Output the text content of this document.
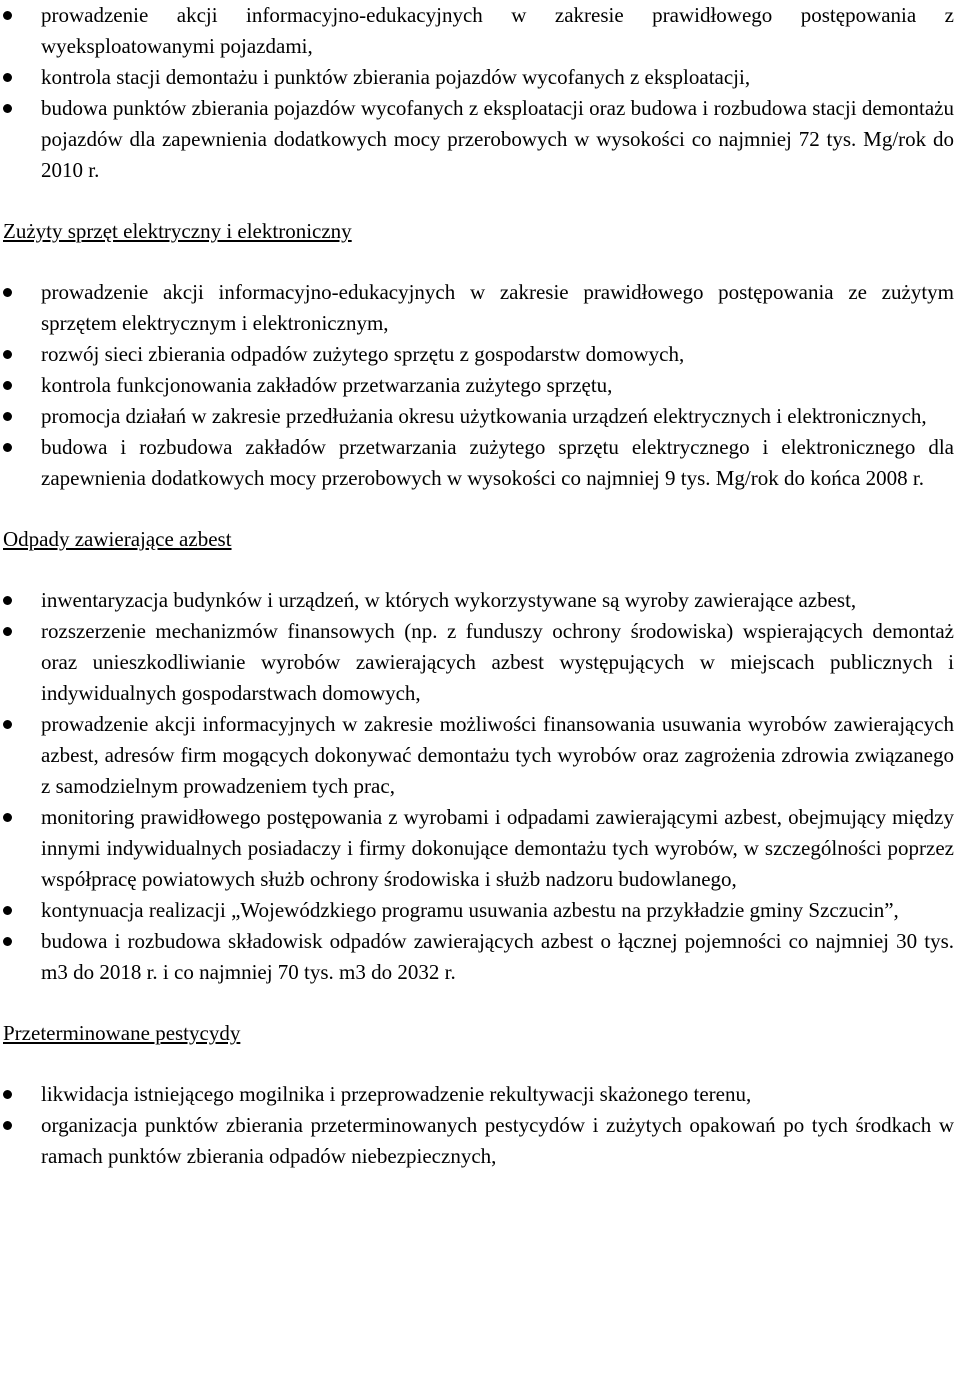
prowadzenie akcji informacyjno-edukacyjnych w zakresie prawidłowego postępowania z wyeksploatowanymi pojazdami,
kontrola stacji demontażu i punktów zbierania pojazdów wycofanych z eksploatacji,
budowa punktów zbierania pojazdów wycofanych z eksploatacji oraz budowa i rozbudowa stacji demontażu pojazdów dla zapewnienia dodatkowych mocy przerobowych w wysokości co najmniej 72 tys. Mg/rok do 2010 r.
Zużyty sprzęt elektryczny i elektroniczny
prowadzenie akcji informacyjno-edukacyjnych w zakresie prawidłowego postępowania ze zużytym sprzętem elektrycznym i elektronicznym,
rozwój sieci zbierania odpadów zużytego sprzętu z gospodarstw domowych,
kontrola funkcjonowania zakładów przetwarzania zużytego sprzętu,
promocja działań w zakresie przedłużania okresu użytkowania urządzeń elektrycznych i elektronicznych,
budowa i rozbudowa zakładów przetwarzania zużytego sprzętu elektrycznego i elektronicznego dla zapewnienia dodatkowych mocy przerobowych w wysokości co najmniej 9 tys. Mg/rok do końca 2008 r.
Odpady zawierające azbest
inwentaryzacja budynków i urządzeń, w których wykorzystywane są wyroby zawierające azbest,
rozszerzenie mechanizmów finansowych (np. z funduszy ochrony środowiska) wspierających demontaż oraz unieszkodliwianie wyrobów zawierających azbest występujących w miejscach publicznych i indywidualnych gospodarstwach domowych,
prowadzenie akcji informacyjnych w zakresie możliwości finansowania usuwania wyrobów zawierających azbest, adresów firm mogących dokonywać demontażu tych wyrobów oraz zagrożenia zdrowia związanego z samodzielnym prowadzeniem tych prac,
monitoring prawidłowego postępowania z wyrobami i odpadami zawierającymi azbest, obejmujący między innymi indywidualnych posiadaczy i firmy dokonujące demontażu tych wyrobów, w szczególności poprzez współpracę powiatowych służb ochrony środowiska i służb nadzoru budowlanego,
kontynuacja realizacji „Wojewódzkiego programu usuwania azbestu na przykładzie gminy Szczucin”,
budowa i rozbudowa składowisk odpadów zawierających azbest o łącznej pojemności co najmniej 30 tys. m3 do 2018 r. i co najmniej 70 tys. m3 do 2032 r.
Przeterminowane pestycydy
likwidacja istniejącego mogilnika i przeprowadzenie rekultywacji skażonego terenu,
organizacja punktów zbierania przeterminowanych pestycydów i zużytych opakowań po tych środkach w ramach punktów zbierania odpadów niebezpiecznych,
